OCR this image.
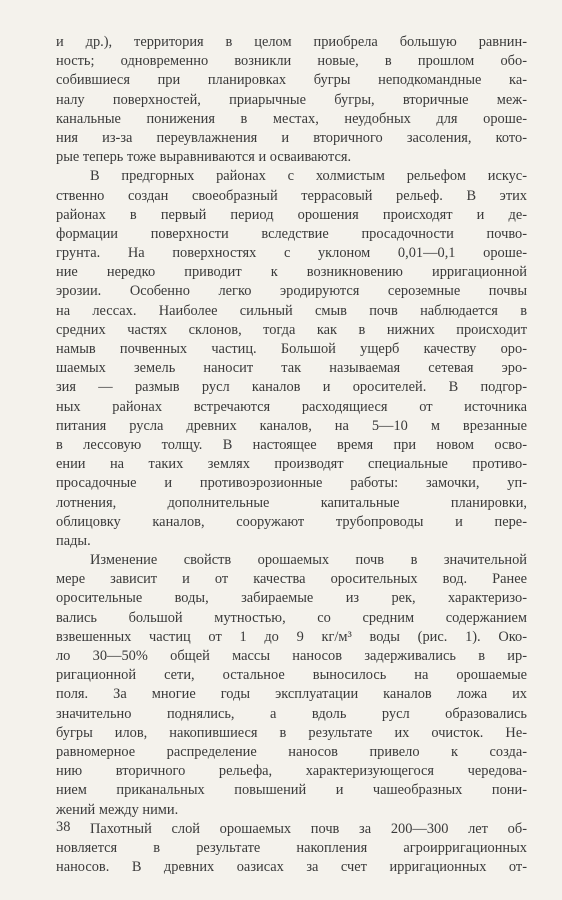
и др.), территория в целом приобрела большую равнин-
ность; одновременно возникли новые, в прошлом обо-
собившиеся при планировках бугры неподкомандные ка-
налу поверхностей, приарычные бугры, вторичные меж-
канальные понижения в местах, неудобных для ороше-
ния из-за переувлажнения и вторичного засоления, кото-
рые теперь тоже выравниваются и осваиваются.
В предгорных районах с холмистым рельефом искус-
ственно создан своеобразный террасовый рельеф. В этих
районах в первый период орошения происходят и де-
формации поверхности вследствие просадочности почво-
грунта. На поверхностях с уклоном 0,01—0,1 ороше-
ние нередко приводит к возникновению ирригационной
эрозии. Особенно легко эродируются сероземные почвы
на лессах. Наиболее сильный смыв почв наблюдается в
средних частях склонов, тогда как в нижних происходит
намыв почвенных частиц. Большой ущерб качеству оро-
шаемых земель наносит так называемая сетевая эро-
зия — размыв русл каналов и оросителей. В подгор-
ных районах встречаются расходящиеся от источника
питания русла древних каналов, на 5—10 м врезанные
в лессовую толщу. В настоящее время при новом осво-
ении на таких землях производят специальные противо-
просадочные и противоэрозионные работы: замочки, уп-
лотнения, дополнительные капитальные планировки,
облицовку каналов, сооружают трубопроводы и пере-
пады.
Изменение свойств орошаемых почв в значительной
мере зависит и от качества оросительных вод. Ранее
оросительные воды, забираемые из рек, характеризо-
вались большой мутностью, со средним содержанием
взвешенных частиц от 1 до 9 кг/м³ воды (рис. 1). Око-
ло 30—50% общей массы наносов задерживались в ир-
ригационной сети, остальное выносилось на орошаемые
поля. За многие годы эксплуатации каналов ложа их
значительно поднялись, а вдоль русл образовались
бугры илов, накопившиеся в результате их очисток. Не-
равномерное распределение наносов привело к созда-
нию вторичного рельефа, характеризующегося чередова-
нием приканальных повышений и чашеобразных пони-
жений между ними.
Пахотный слой орошаемых почв за 200—300 лет об-
новляется в результате накопления агроирригационных
наносов. В древних оазисах за счет ирригационных от-
38
